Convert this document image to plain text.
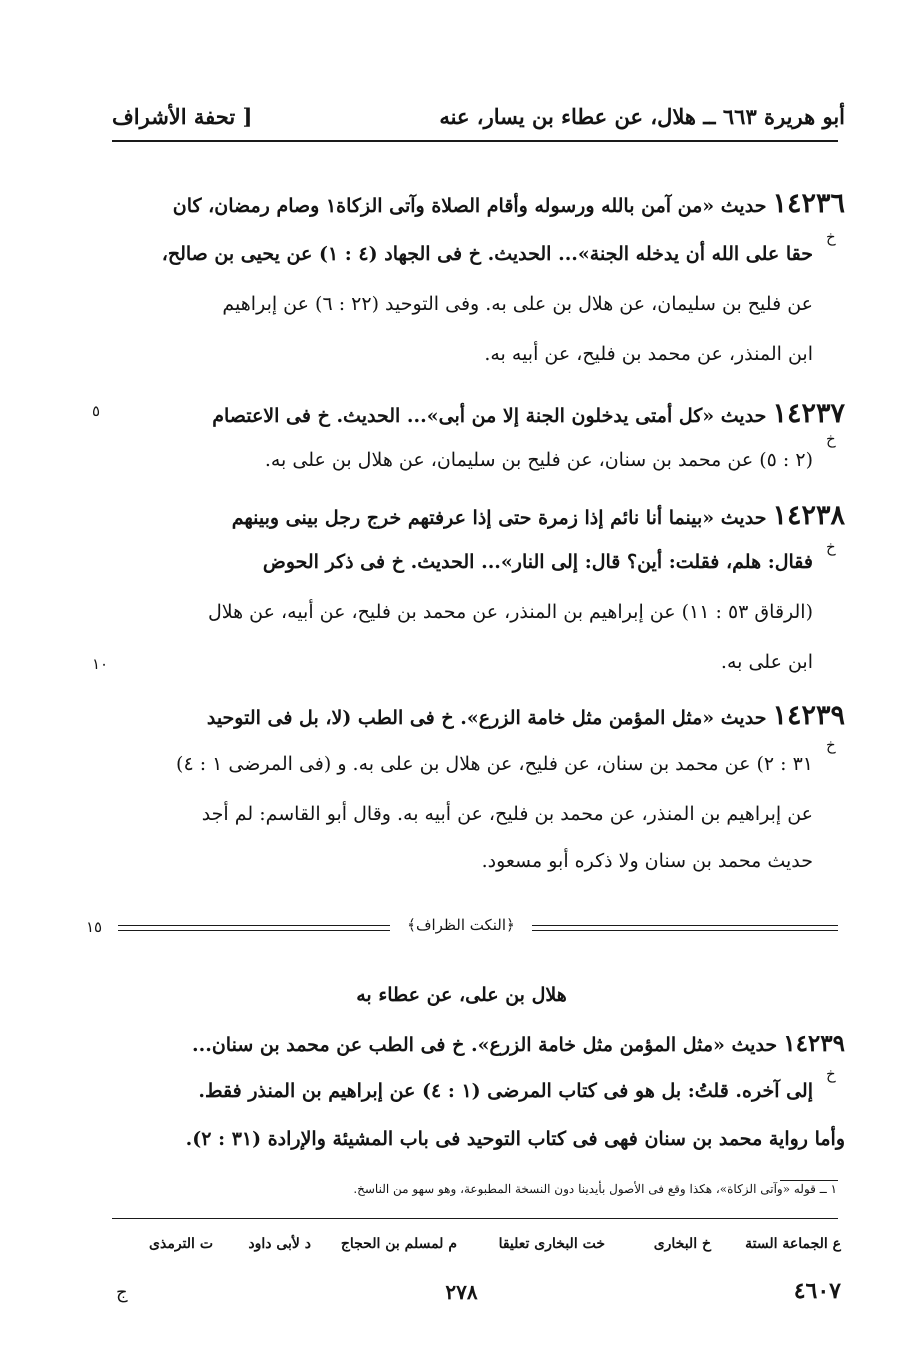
أبو هريرة ٦٦٣ ــ هلال، عن عطاء بن يسار، عنه
[ تحفة الأشراف
١٤٢٣٦ حديث «من آمن بالله ورسوله وأقام الصلاة وآتى الزكاة١ وصام رمضان، كان
خ
حقا على الله أن يدخله الجنة»... الحديث. خ فى الجهاد (٤ : ١) عن يحيى بن صالح،
عن فليح بن سليمان، عن هلال بن على به. وفى التوحيد (٢٢ : ٦) عن إبراهيم
ابن المنذر، عن محمد بن فليح، عن أبيه به.
١٤٢٣٧ حديث «كل أمتى يدخلون الجنة إلا من أبى»... الحديث. خ فى الاعتصام
٥
خ
(٢ : ٥) عن محمد بن سنان، عن فليح بن سليمان، عن هلال بن على به.
١٤٢٣٨ حديث «بينما أنا نائم إذا زمرة حتى إذا عرفتهم خرج رجل بينى وبينهم
خ
فقال: هلم، فقلت: أين؟ قال: إلى النار»... الحديث. خ فى ذكر الحوض
(الرقاق ٥٣ : ١١) عن إبراهيم بن المنذر، عن محمد بن فليح، عن أبيه، عن هلال
١٠	ابن على به.
١٤٢٣٩ حديث «مثل المؤمن مثل خامة الزرع». خ فى الطب (لا، بل فى التوحيد
خ
٣١ : ٢) عن محمد بن سنان، عن فليح، عن هلال بن على به. و (فى المرضى ١ : ٤)
عن إبراهيم بن المنذر، عن محمد بن فليح، عن أبيه به. وقال أبو القاسم: لم أجد
حديث محمد بن سنان ولا ذكره أبو مسعود.
١٥	﴿النكت الظراف﴾
هلال بن على، عن عطاء به
١٤٢٣٩ حديث «مثل المؤمن مثل خامة الزرع». خ فى الطب عن محمد بن سنان...
خ
إلى آخره. قلتُ: بل هو فى كتاب المرضى (١ : ٤) عن إبراهيم بن المنذر فقط.
وأما رواية محمد بن سنان فهى فى كتاب التوحيد فى باب المشيئة والإرادة (٣١ : ٢).
١ ــ قوله «وآتى الزكاة»، هكذا وقع فى الأصول بأيدينا دون النسخة المطبوعة، وهو سهو من الناسخ.
ع الجماعة الستة
خ البخارى
خت البخارى تعليقا
م لمسلم بن الحجاج
د لأبى داود
ت الترمذى
٤٦٠٧
٢٧٨
ج
